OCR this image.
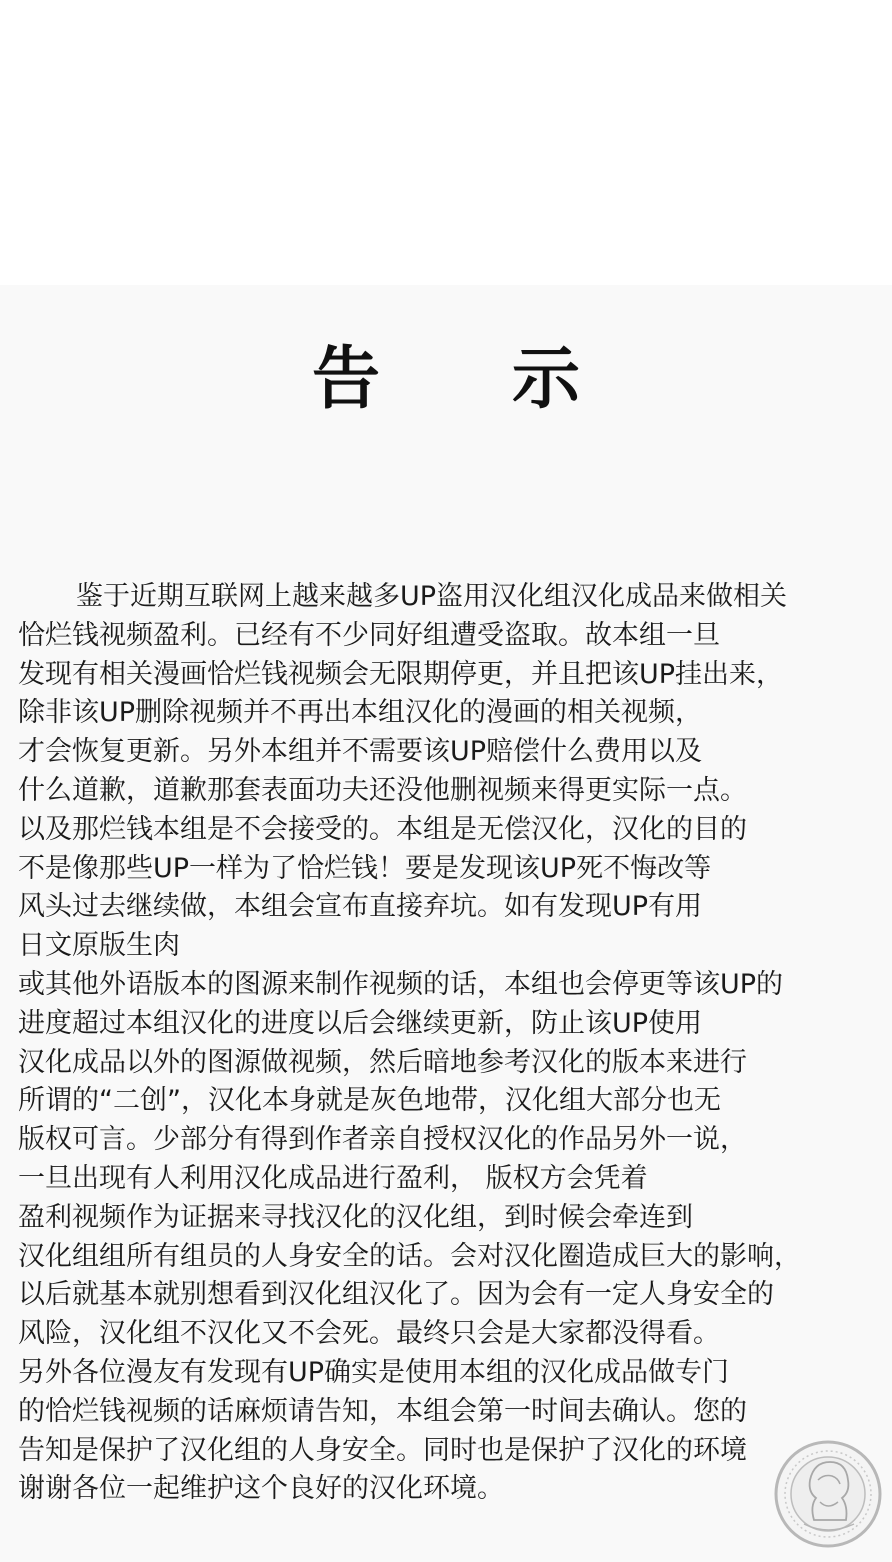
告 示
鉴于近期互联网上越来越多UP盗用汉化组汉化成品来做相关
恰烂钱视频盈利。已经有不少同好组遭受盗取。故本组一旦
发现有相关漫画恰烂钱视频会无限期停更，并且把该UP挂出来，
除非该UP删除视频并不再出本组汉化的漫画的相关视频，
才会恢复更新。另外本组并不需要该UP赔偿什么费用以及
什么道歉，道歉那套表面功夫还没他删视频来得更实际一点。
以及那烂钱本组是不会接受的。本组是无偿汉化，汉化的目的
不是像那些UP一样为了恰烂钱！要是发现该UP死不悔改等
风头过去继续做，本组会宣布直接弃坑。如有发现UP有用
日文原版生肉
或其他外语版本的图源来制作视频的话，本组也会停更等该UP的
进度超过本组汉化的进度以后会继续更新，防止该UP使用
汉化成品以外的图源做视频，然后暗地参考汉化的版本来进行
所谓的“二创”，汉化本身就是灰色地带，汉化组大部分也无
版权可言。少部分有得到作者亲自授权汉化的作品另外一说，
一旦出现有人利用汉化成品进行盈利， 版权方会凭着
盈利视频作为证据来寻找汉化的汉化组，到时候会牵连到
汉化组组所有组员的人身安全的话。会对汉化圈造成巨大的影响，
以后就基本就别想看到汉化组汉化了。因为会有一定人身安全的
风险，汉化组不汉化又不会死。最终只会是大家都没得看。
另外各位漫友有发现有UP确实是使用本组的汉化成品做专门
的恰烂钱视频的话麻烦请告知，本组会第一时间去确认。您的
告知是保护了汉化组的人身安全。同时也是保护了汉化的环境
谢谢各位一起维护这个良好的汉化环境。
